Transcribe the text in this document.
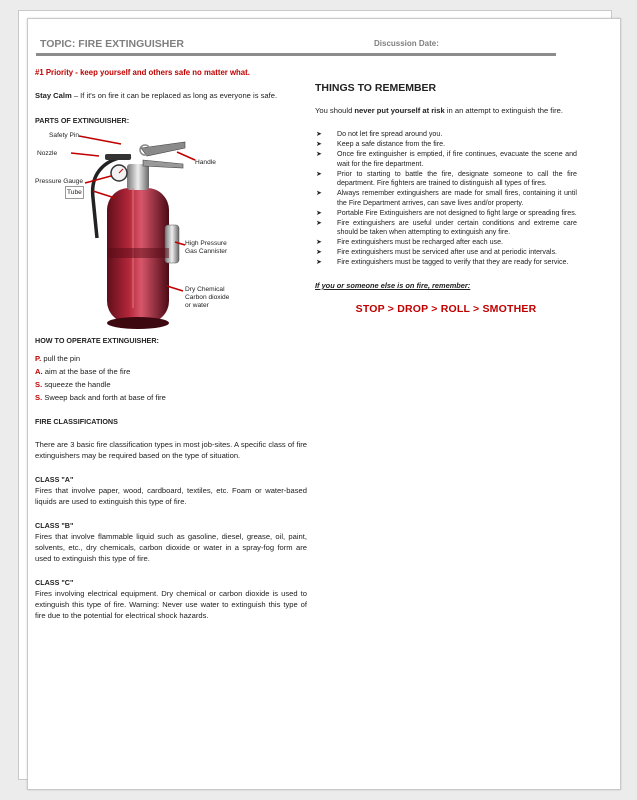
TOPIC: FIRE EXTINGUISHER	Discussion Date:

#1 Priority - keep yourself and others safe no matter what.

Stay Calm – If it's on fire it can be replaced as long as everyone is safe.

PARTS OF EXTINGUISHER:

Safety Pin
Nozzle
Handle
Tube
Pressure Gauge
High Pressure
Gas Cannister
Dry Chemical
Carbon dioxide
or water

HOW TO OPERATE EXTINGUISHER:

P. pull the pin
A. aim at the base of the fire
S. squeeze the handle
S. Sweep back and forth at base of fire

FIRE CLASSIFICATIONS

There are 3 basic fire classification types in most job-sites. A specific class of fire extinguishers may be required based on the type of situation.

CLASS "A"

Fires that involve paper, wood, cardboard, textiles, etc. Foam or water-based liquids are used to extinguish this type of fire.

CLASS "B"

Fires that involve flammable liquid such as gasoline, diesel, grease, oil, paint, solvents, etc., dry chemicals, carbon dioxide or water in a spray-fog form are used to extinguish this type of fire.

CLASS "C"

Fires involving electrical equipment. Dry chemical or carbon dioxide is used to extinguish this type of fire. Warning: Never use water to extinguish this type of fire due to the potential for electrical shock hazards.

THINGS TO REMEMBER

You should never put yourself at risk in an attempt to extinguish the fire.

➤ Do not let fire spread around you.
➤ Keep a safe distance from the fire.
➤ Once fire extinguisher is emptied, if fire continues, evacuate the scene and wait for the fire department.
➤ Prior to starting to battle the fire, designate someone to call the fire department. Fire fighters are trained to distinguish all types of fires.
➤ Always remember extinguishers are made for small fires, containing it until the Fire Department arrives, can save lives and/or property.
➤ Portable Fire Extinguishers are not designed to fight large or spreading fires.
➤ Fire extinguishers are useful under certain conditions and extreme care should be taken when attempting to extinguish any fire.
➤ Fire extinguishers must be recharged after each use.
➤ Fire extinguishers must be serviced after use and at periodic intervals.
➤ Fire extinguishers must be tagged to verify that they are ready for service.

If you or someone else is on fire, remember:

STOP > DROP > ROLL > SMOTHER
